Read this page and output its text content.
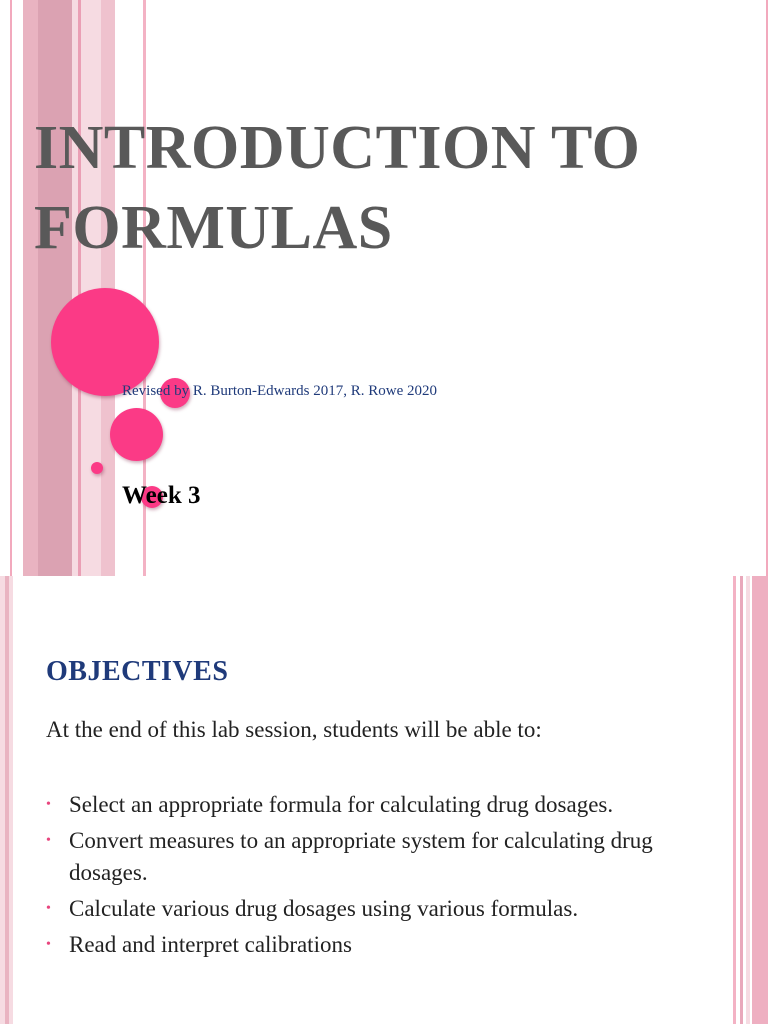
INTRODUCTION TO
FORMULAS

Revised by R. Burton-Edwards 2017, R. Rowe 2020

Week 3

OBJECTIVES

At the end of this lab session, students will be able to:

• Select an appropriate formula for calculating drug dosages.
• Convert measures to an appropriate system for calculating drug dosages.
• Calculate various drug dosages using various formulas.
• Read and interpret calibrations
